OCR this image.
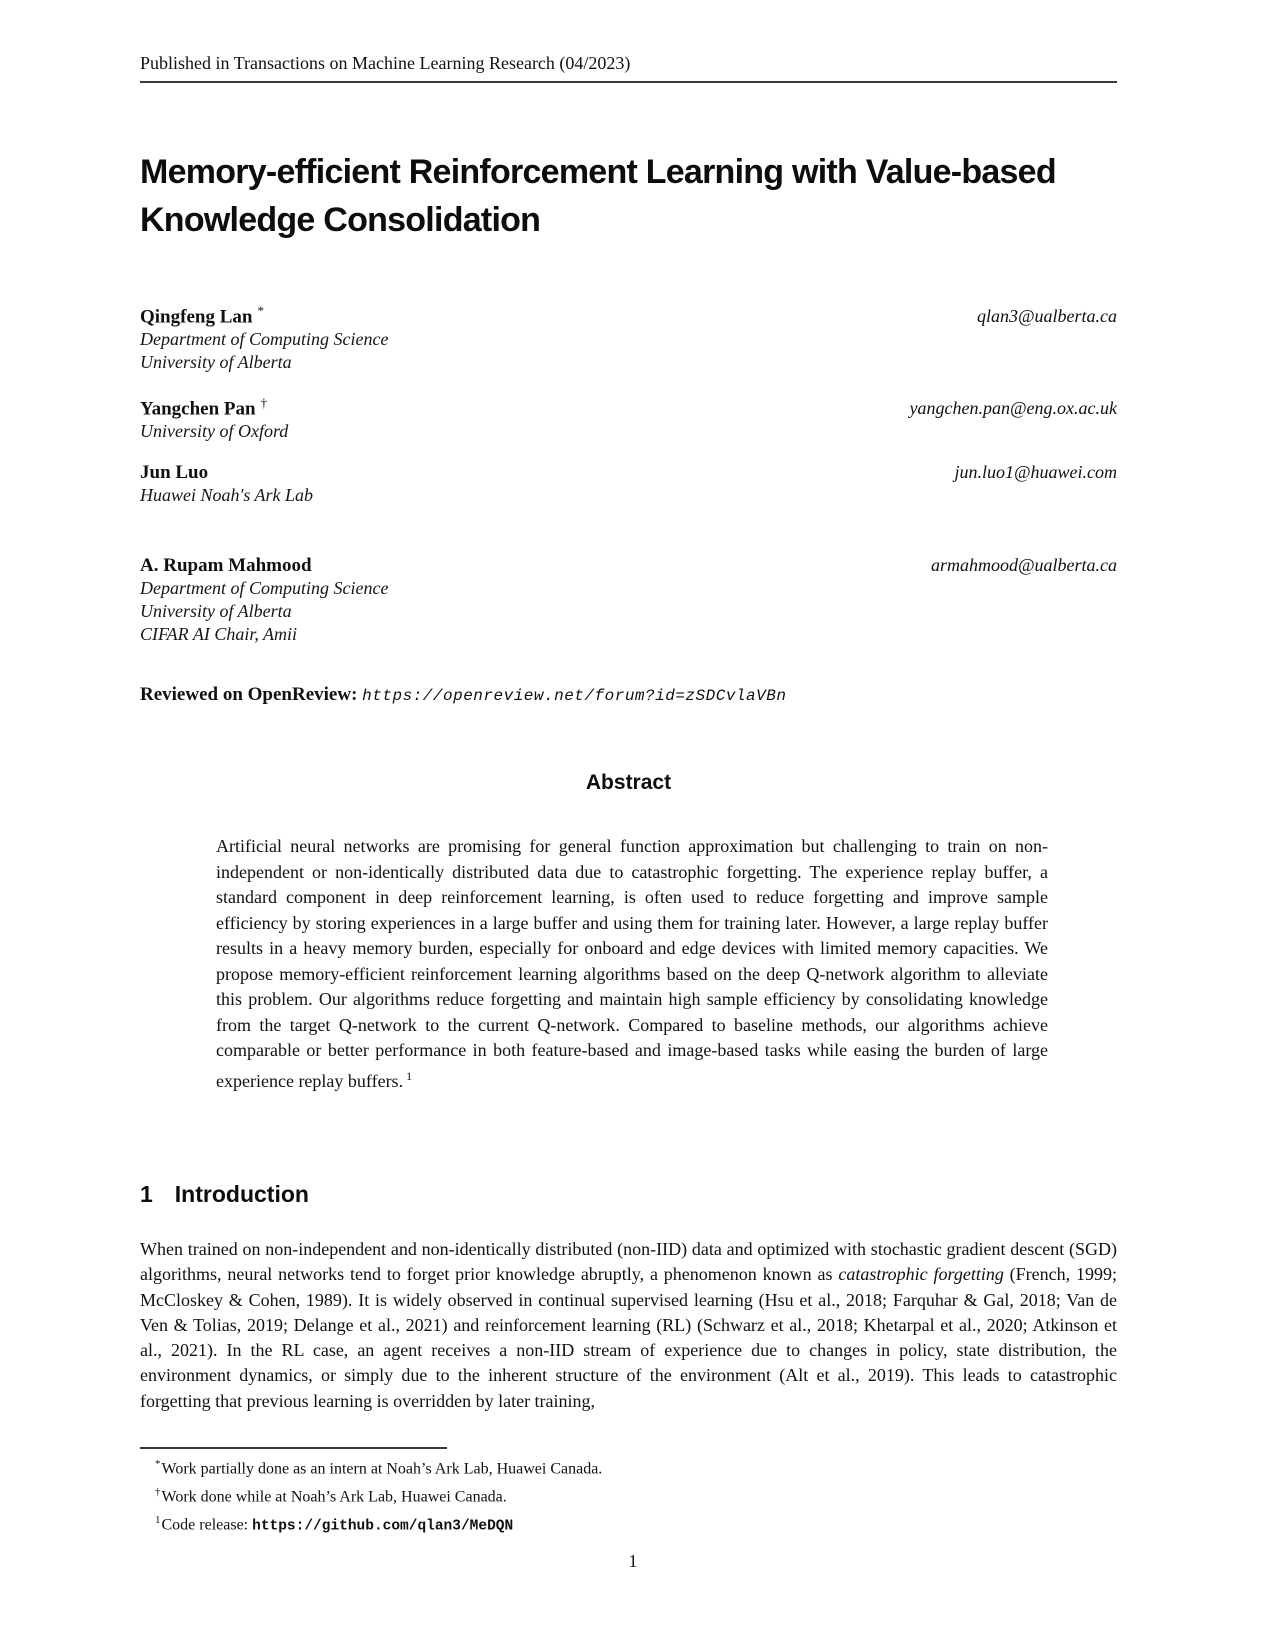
Published in Transactions on Machine Learning Research (04/2023)
Memory-efficient Reinforcement Learning with Value-based Knowledge Consolidation
Qingfeng Lan *	qlan3@ualberta.ca
Department of Computing Science
University of Alberta
Yangchen Pan †	yangchen.pan@eng.ox.ac.uk
University of Oxford
Jun Luo	jun.luo1@huawei.com
Huawei Noah's Ark Lab
A. Rupam Mahmood	armahmood@ualberta.ca
Department of Computing Science
University of Alberta
CIFAR AI Chair, Amii
Reviewed on OpenReview: https://openreview.net/forum?id=zSDCvlaVBn
Abstract
Artificial neural networks are promising for general function approximation but challenging to train on non-independent or non-identically distributed data due to catastrophic forgetting. The experience replay buffer, a standard component in deep reinforcement learning, is often used to reduce forgetting and improve sample efficiency by storing experiences in a large buffer and using them for training later. However, a large replay buffer results in a heavy memory burden, especially for onboard and edge devices with limited memory capacities. We propose memory-efficient reinforcement learning algorithms based on the deep Q-network algorithm to alleviate this problem. Our algorithms reduce forgetting and maintain high sample efficiency by consolidating knowledge from the target Q-network to the current Q-network. Compared to baseline methods, our algorithms achieve comparable or better performance in both feature-based and image-based tasks while easing the burden of large experience replay buffers. $^1$
1 Introduction
When trained on non-independent and non-identically distributed (non-IID) data and optimized with stochastic gradient descent (SGD) algorithms, neural networks tend to forget prior knowledge abruptly, a phenomenon known as catastrophic forgetting (French, 1999; McCloskey & Cohen, 1989). It is widely observed in continual supervised learning (Hsu et al., 2018; Farquhar & Gal, 2018; Van de Ven & Tolias, 2019; Delange et al., 2021) and reinforcement learning (RL) (Schwarz et al., 2018; Khetarpal et al., 2020; Atkinson et al., 2021). In the RL case, an agent receives a non-IID stream of experience due to changes in policy, state distribution, the environment dynamics, or simply due to the inherent structure of the environment (Alt et al., 2019). This leads to catastrophic forgetting that previous learning is overridden by later training,
*Work partially done as an intern at Noah’s Ark Lab, Huawei Canada.
†Work done while at Noah’s Ark Lab, Huawei Canada.
$^1$Code release: https://github.com/qlan3/MeDQN
1
